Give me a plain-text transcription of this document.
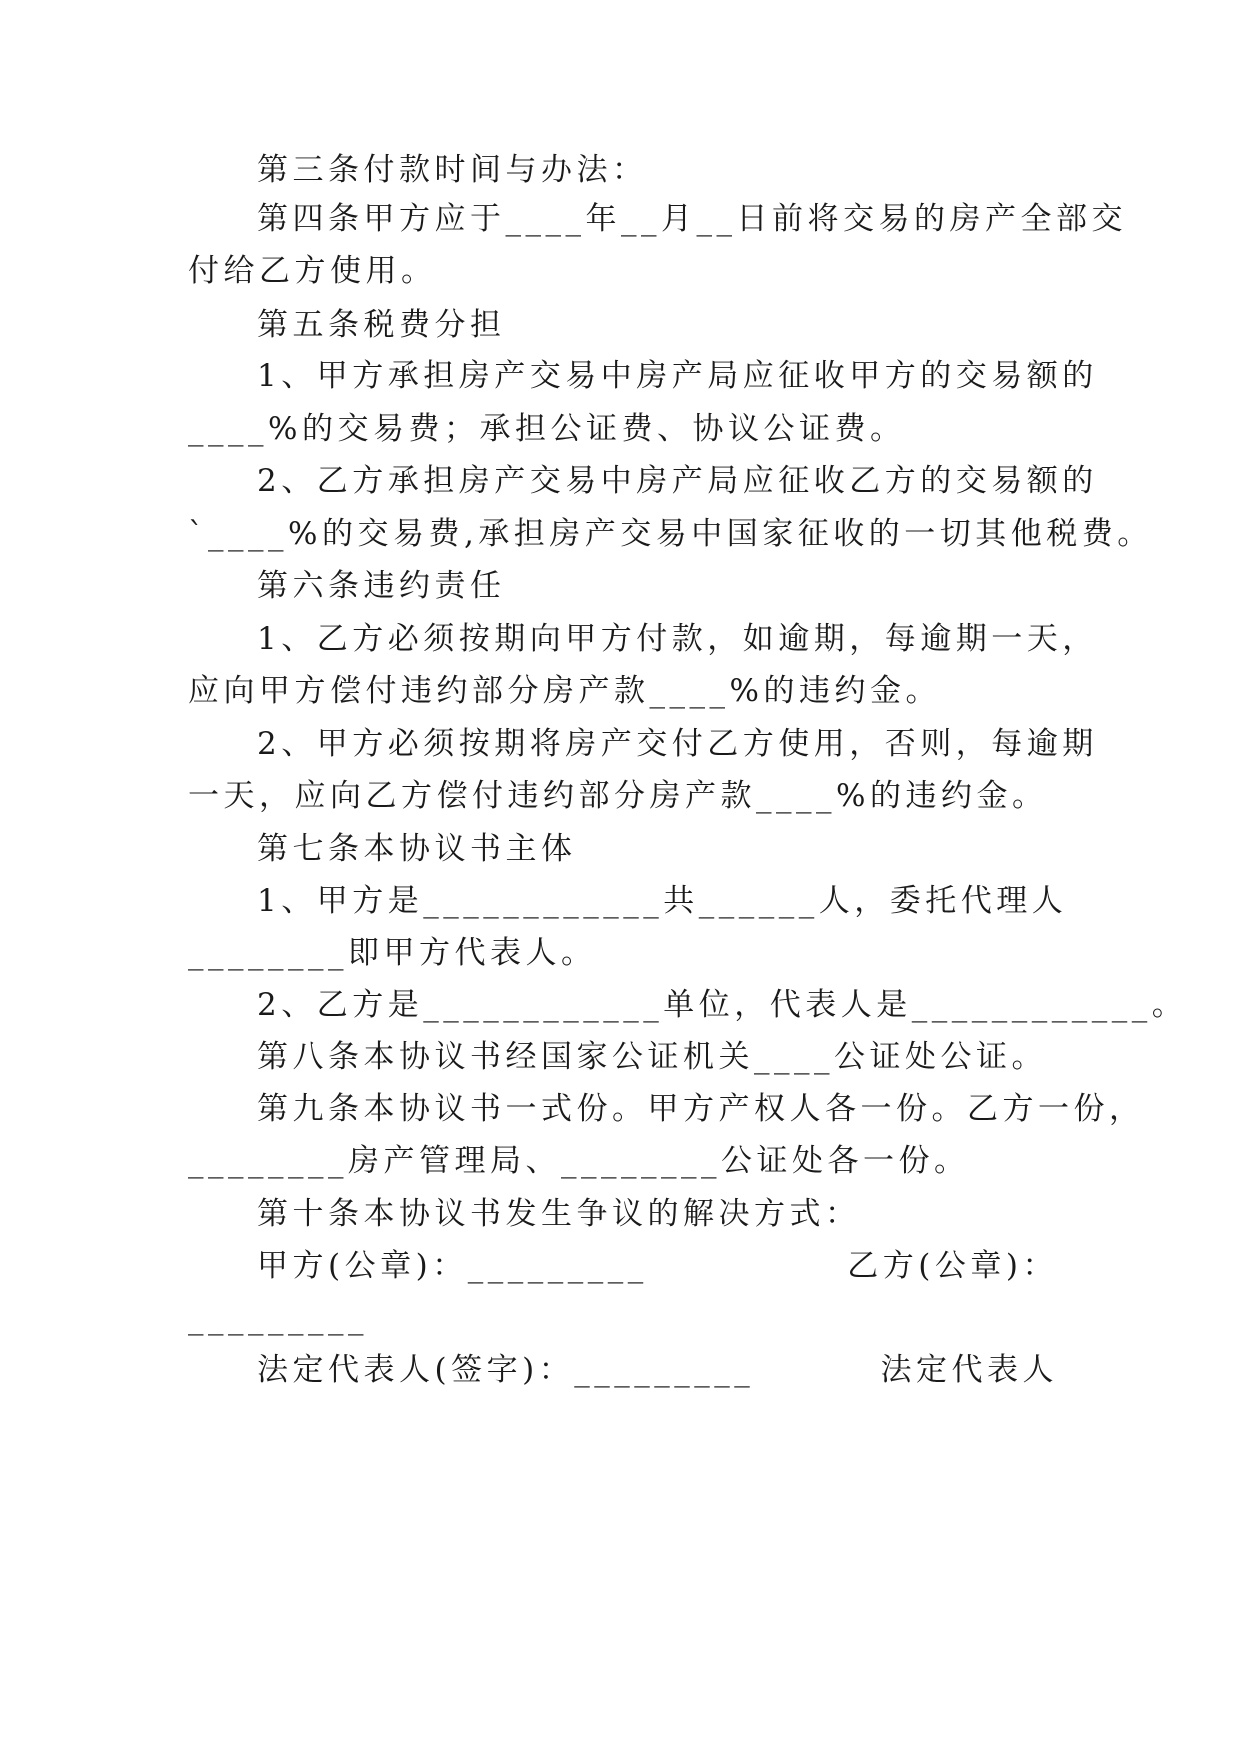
第三条付款时间与办法：
第四条甲方应于____年__月__日前将交易的房产全部交
付给乙方使用。
第五条税费分担
1、甲方承担房产交易中房产局应征收甲方的交易额的
____%的交易费；承担公证费、协议公证费。
2、乙方承担房产交易中房产局应征收乙方的交易额的
`____%的交易费,承担房产交易中国家征收的一切其他税费。
第六条违约责任
1、乙方必须按期向甲方付款，如逾期，每逾期一天，
应向甲方偿付违约部分房产款____%的违约金。
2、甲方必须按期将房产交付乙方使用，否则，每逾期
一天，应向乙方偿付违约部分房产款____%的违约金。
第七条本协议书主体
1、甲方是____________共______人，委托代理人
________即甲方代表人。
2、乙方是____________单位，代表人是____________。
第八条本协议书经国家公证机关____公证处公证。
第九条本协议书一式份。甲方产权人各一份。乙方一份，
________房产管理局、________公证处各一份。
第十条本协议书发生争议的解决方式：
甲方(公章)：_________	乙方(公章)：
_________
法定代表人(签字)：_________	法定代表人
